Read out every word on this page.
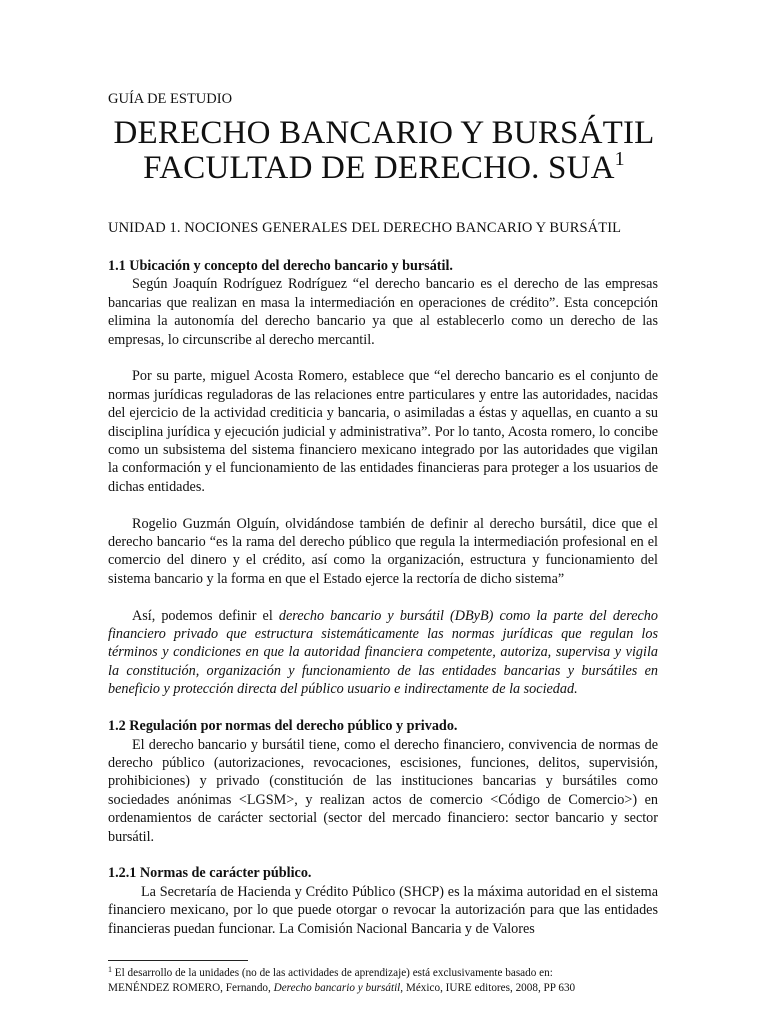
GUÍA DE ESTUDIO
DERECHO BANCARIO Y BURSÁTIL
FACULTAD DE DERECHO. SUA$^1$
UNIDAD 1. NOCIONES GENERALES DEL DERECHO BANCARIO Y BURSÁTIL

1.1 Ubicación y concepto del derecho bancario y bursátil.

Según Joaquín Rodríguez Rodríguez “el derecho bancario es el derecho de las empresas bancarias que realizan en masa la intermediación en operaciones de crédito”. Esta concepción elimina la autonomía del derecho bancario ya que al establecerlo como un derecho de las empresas, lo circunscribe al derecho mercantil.

Por su parte, miguel Acosta Romero, establece que “el derecho bancario es el conjunto de normas jurídicas reguladoras de las relaciones entre particulares y entre las autoridades, nacidas del ejercicio de la actividad crediticia y bancaria, o asimiladas a éstas y aquellas, en cuanto a su disciplina jurídica y ejecución judicial y administrativa”. Por lo tanto, Acosta romero, lo concibe como un subsistema del sistema financiero mexicano integrado por las autoridades que vigilan la conformación y el funcionamiento de las entidades financieras para proteger a los usuarios de dichas entidades.

Rogelio Guzmán Olguín, olvidándose también de definir al derecho bursátil, dice que el derecho bancario “es la rama del derecho público que regula la intermediación profesional en el comercio del dinero y el crédito, así como la organización, estructura y funcionamiento del sistema bancario y la forma en que el Estado ejerce la rectoría de dicho sistema”

Así, podemos definir el derecho bancario y bursátil (DByB) como la parte del derecho financiero privado que estructura sistemáticamente las normas jurídicas que regulan los términos y condiciones en que la autoridad financiera competente, autoriza, supervisa y vigila la constitución, organización y funcionamiento de las entidades bancarias y bursátiles en beneficio y protección directa del público usuario e indirectamente de la sociedad.

1.2 Regulación por normas del derecho público y privado.

El derecho bancario y bursátil tiene, como el derecho financiero, convivencia de normas de derecho público (autorizaciones, revocaciones, escisiones, funciones, delitos, supervisión, prohibiciones) y privado (constitución de las instituciones bancarias y bursátiles como sociedades anónimas <LGSM>, y realizan actos de comercio <Código de Comercio>) en ordenamientos de carácter sectorial (sector del mercado financiero: sector bancario y sector bursátil.

1.2.1 Normas de carácter público.

La Secretaría de Hacienda y Crédito Público (SHCP) es la máxima autoridad en el sistema financiero mexicano, por lo que puede otorgar o revocar la autorización para que las entidades financieras puedan funcionar. La Comisión Nacional Bancaria y de Valores

$^1$ El desarrollo de la unidades (no de las actividades de aprendizaje) está exclusivamente basado en:
MENÉNDEZ ROMERO, Fernando, Derecho bancario y bursátil, México, IURE editores, 2008, PP 630
